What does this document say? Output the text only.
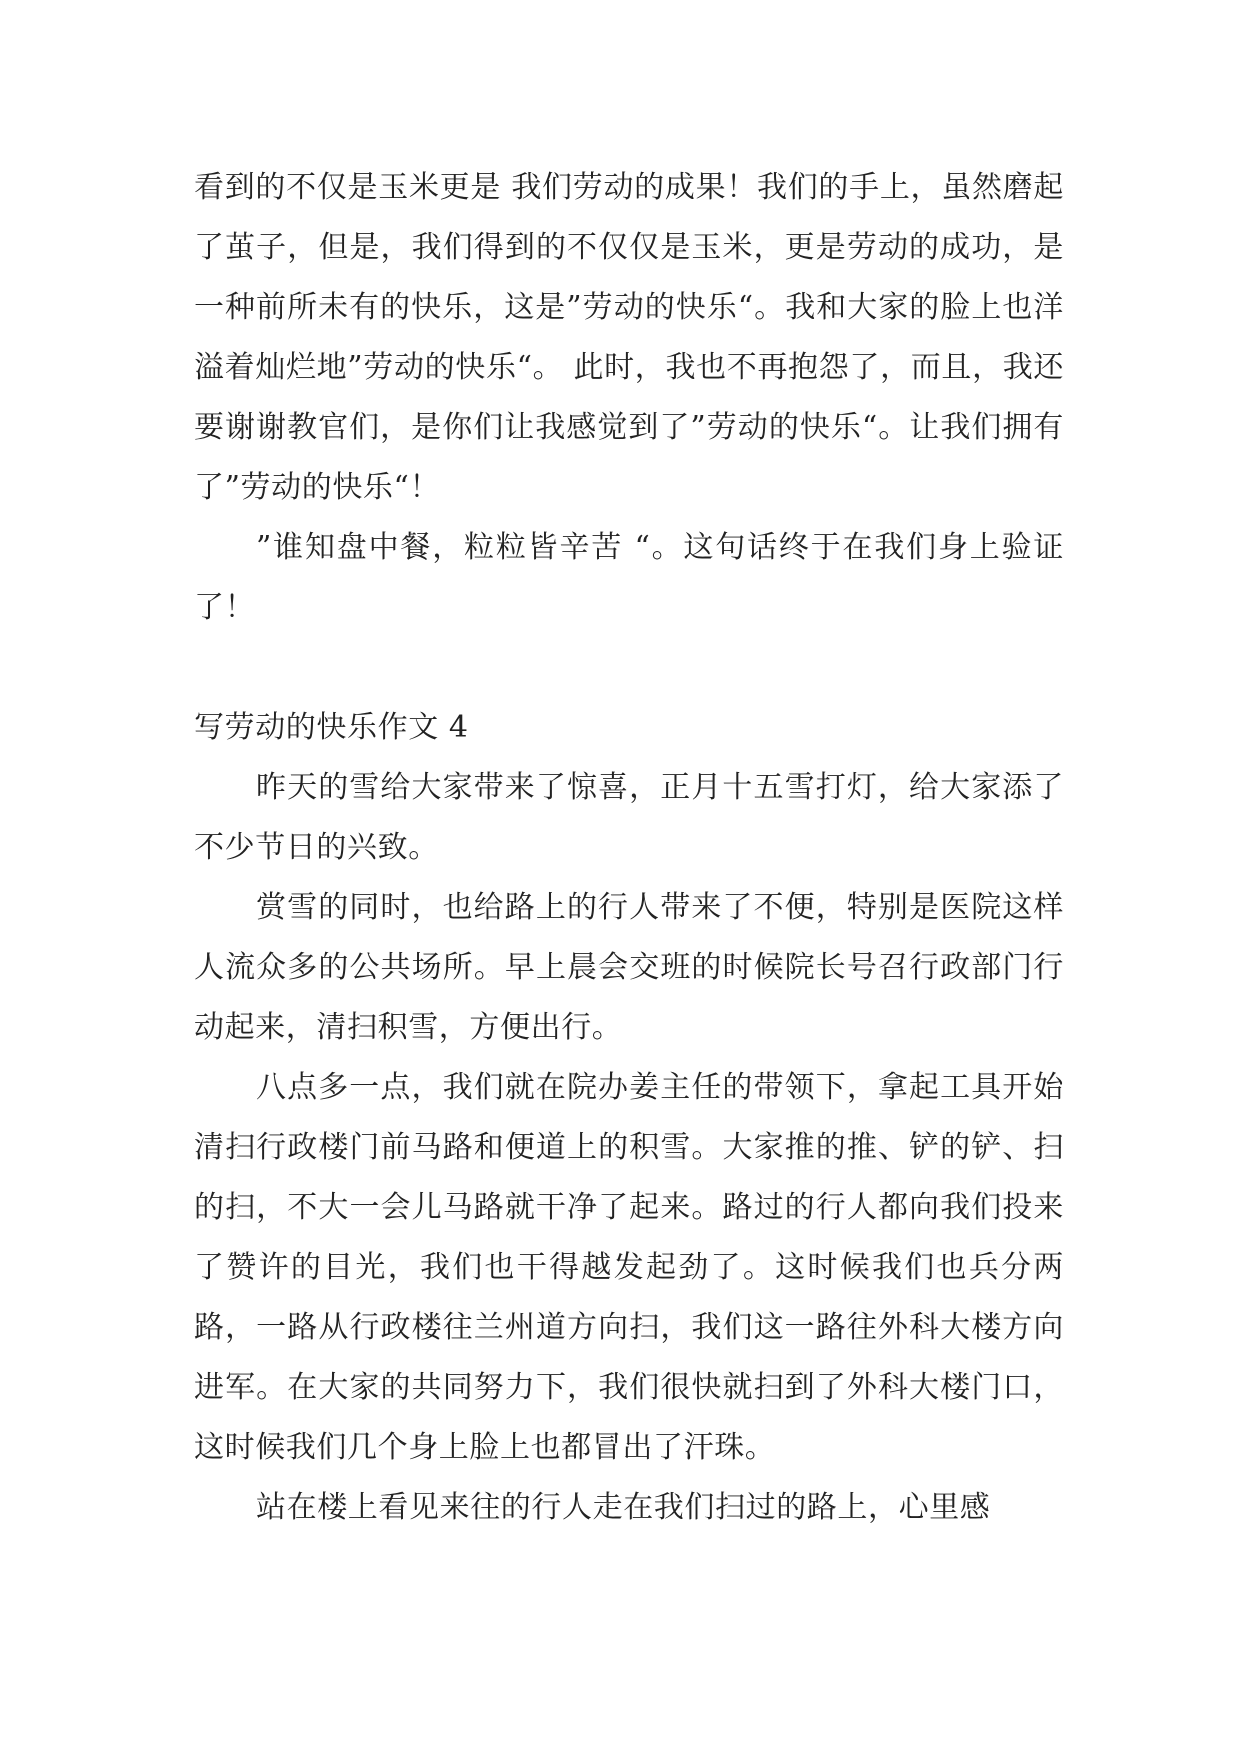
看到的不仅是玉米更是 我们劳动的成果！我们的手上，虽然磨起了茧子，但是，我们得到的不仅仅是玉米，更是劳动的成功，是一种前所未有的快乐，这是”劳动的快乐“。我和大家的脸上也洋溢着灿烂地”劳动的快乐“。 此时，我也不再抱怨了，而且，我还要谢谢教官们，是你们让我感觉到了”劳动的快乐“。让我们拥有了”劳动的快乐“！

”谁知盘中餐，粒粒皆辛苦 “。这句话终于在我们身上验证了！

写劳动的快乐作文 4

昨天的雪给大家带来了惊喜，正月十五雪打灯，给大家添了不少节日的兴致。

赏雪的同时，也给路上的行人带来了不便，特别是医院这样人流众多的公共场所。早上晨会交班的时候院长号召行政部门行动起来，清扫积雪，方便出行。

八点多一点，我们就在院办姜主任的带领下，拿起工具开始清扫行政楼门前马路和便道上的积雪。大家推的推、铲的铲、扫的扫，不大一会儿马路就干净了起来。路过的行人都向我们投来了赞许的目光，我们也干得越发起劲了。这时候我们也兵分两路，一路从行政楼往兰州道方向扫，我们这一路往外科大楼方向进军。在大家的共同努力下，我们很快就扫到了外科大楼门口，这时候我们几个身上脸上也都冒出了汗珠。

站在楼上看见来往的行人走在我们扫过的路上，心里感
